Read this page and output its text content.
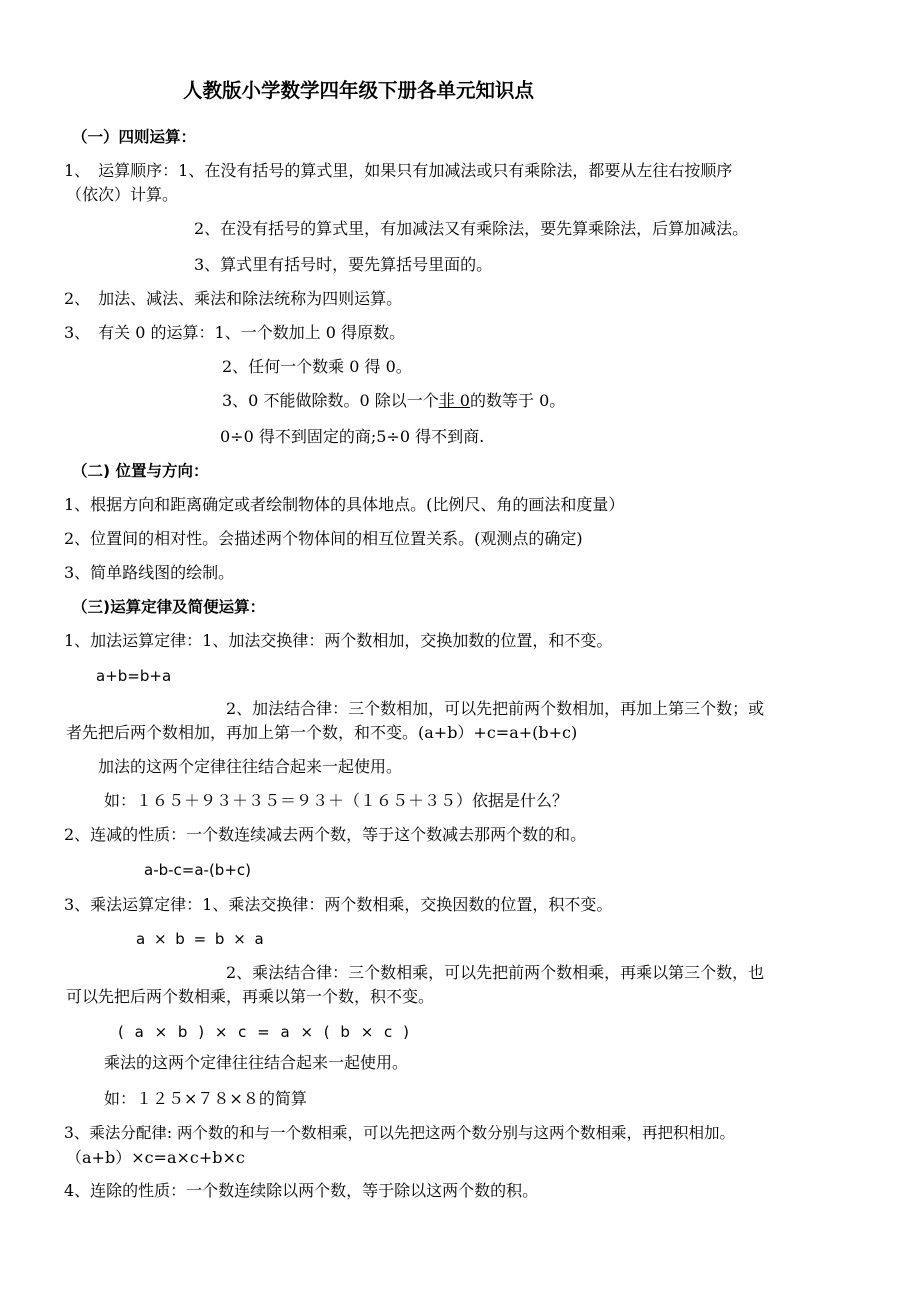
人教版小学数学四年级下册各单元知识点
（一）四则运算：
1、　运算顺序：1、在没有括号的算式里，如果只有加减法或只有乘除法，都要从左往右按顺序
（依次）计算。
2、在没有括号的算式里，有加减法又有乘除法，要先算乘除法，后算加减法。
3、算式里有括号时，要先算括号里面的。
2、　加法、减法、乘法和除法统称为四则运算。
3、　有关 0 的运算：1、一个数加上 0 得原数。
2、任何一个数乘 0 得 0。
3、0 不能做除数。0 除以一个非 0的数等于 0。
0÷0 得不到固定的商;5÷0 得不到商.
（二) 位置与方向：
1、根据方向和距离确定或者绘制物体的具体地点。(比例尺、角的画法和度量）
2、位置间的相对性。会描述两个物体间的相互位置关系。(观测点的确定)
3、简单路线图的绘制。
（三)运算定律及简便运算：
1、加法运算定律：1、加法交换律：两个数相加，交换加数的位置，和不变。
a+b=b+a
2、加法结合律：三个数相加，可以先把前两个数相加，再加上第三个数；或
者先把后两个数相加，再加上第一个数，和不变。(a+b）+c=a+(b+c)
加法的这两个定律往往结合起来一起使用。
如：１６５＋９３＋３５＝９３＋（１６５＋３５）依据是什么？
2、连减的性质：一个数连续减去两个数，等于这个数减去那两个数的和。
a-b-c=a-(b+c)
3、乘法运算定律：1、乘法交换律：两个数相乘，交换因数的位置，积不变。
a × b = b × a
2、乘法结合律：三个数相乘，可以先把前两个数相乘，再乘以第三个数，也
可以先把后两个数相乘，再乘以第一个数，积不变。
( a × b ) × c = a × ( b × c )
乘法的这两个定律往往结合起来一起使用。
如：１２５×７８×８的简算
3、乘法分配律: 两个数的和与一个数相乘，可以先把这两个数分别与这两个数相乘，再把积相加。
（a+b）×c=a×c+b×c
4、连除的性质：一个数连续除以两个数，等于除以这两个数的积。
